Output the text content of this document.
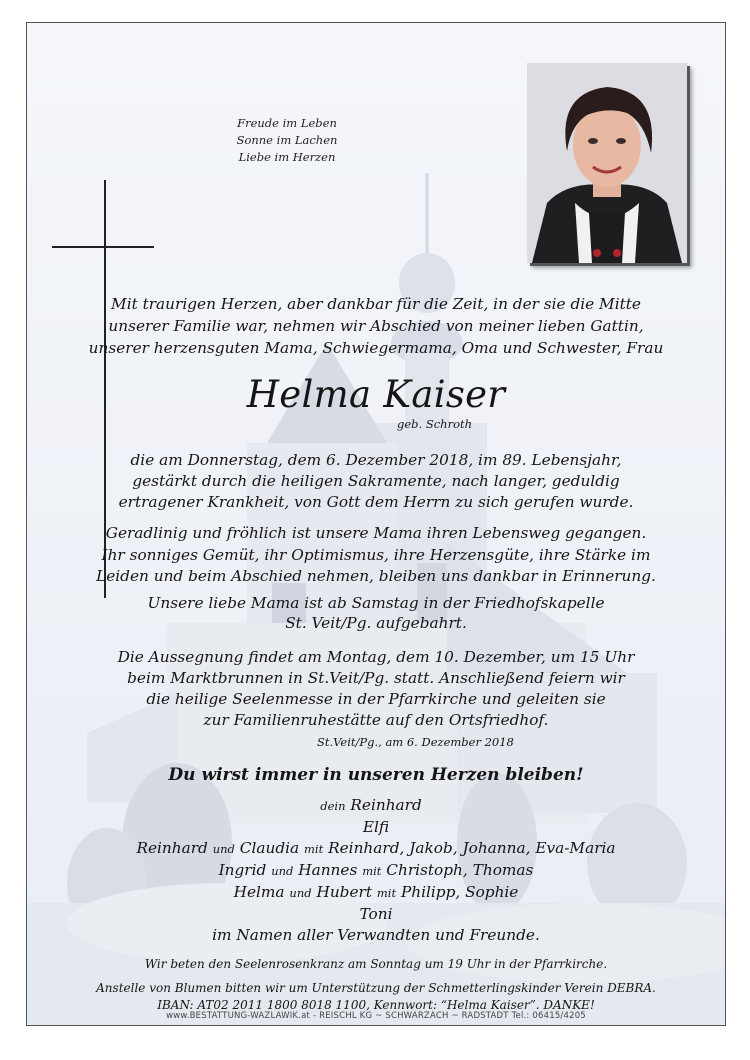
Freude im Leben
Sonne im Lachen
Liebe im Herzen
Mit traurigen Herzen, aber dankbar für die Zeit, in der sie die Mitte
unserer Familie war, nehmen wir Abschied von meiner lieben Gattin,
unserer herzensguten Mama, Schwiegermama, Oma und Schwester, Frau
Helma Kaiser
geb. Schroth
die am Donnerstag, dem 6. Dezember 2018, im 89. Lebensjahr,
gestärkt durch die heiligen Sakramente, nach langer, geduldig
ertragener Krankheit, von Gott dem Herrn zu sich gerufen wurde.
Geradlinig und fröhlich ist unsere Mama ihren Lebensweg gegangen.
Ihr sonniges Gemüt, ihr Optimismus, ihre Herzensgüte, ihre Stärke im
Leiden und beim Abschied nehmen, bleiben uns dankbar in Erinnerung.
Unsere liebe Mama ist ab Samstag in der Friedhofskapelle
St. Veit/Pg. aufgebahrt.
Die Aussegnung findet am Montag, dem 10. Dezember, um 15 Uhr
beim Marktbrunnen in St.Veit/Pg. statt. Anschließend feiern wir
die heilige Seelenmesse in der Pfarrkirche und geleiten sie
zur Familienruhestätte auf den Ortsfriedhof.
St.Veit/Pg., am 6. Dezember 2018
Du wirst immer in unseren Herzen bleiben!
dein Reinhard
Elfi
Reinhard und Claudia mit Reinhard, Jakob, Johanna, Eva-Maria
Ingrid und Hannes mit Christoph, Thomas
Helma und Hubert mit Philipp, Sophie
Toni
im Namen aller Verwandten und Freunde.
Wir beten den Seelenrosenkranz am Sonntag um 19 Uhr in der Pfarrkirche.
Anstelle von Blumen bitten wir um Unterstützung der Schmetterlingskinder Verein DEBRA.
IBAN: AT02 2011 1800 8018 1100, Kennwort: “Helma Kaiser”. DANKE!
www.BESTATTUNG-WAZLAWIK.at - REISCHL KG ~ SCHWARZACH ~ RADSTADT Tel.: 06415/4205
